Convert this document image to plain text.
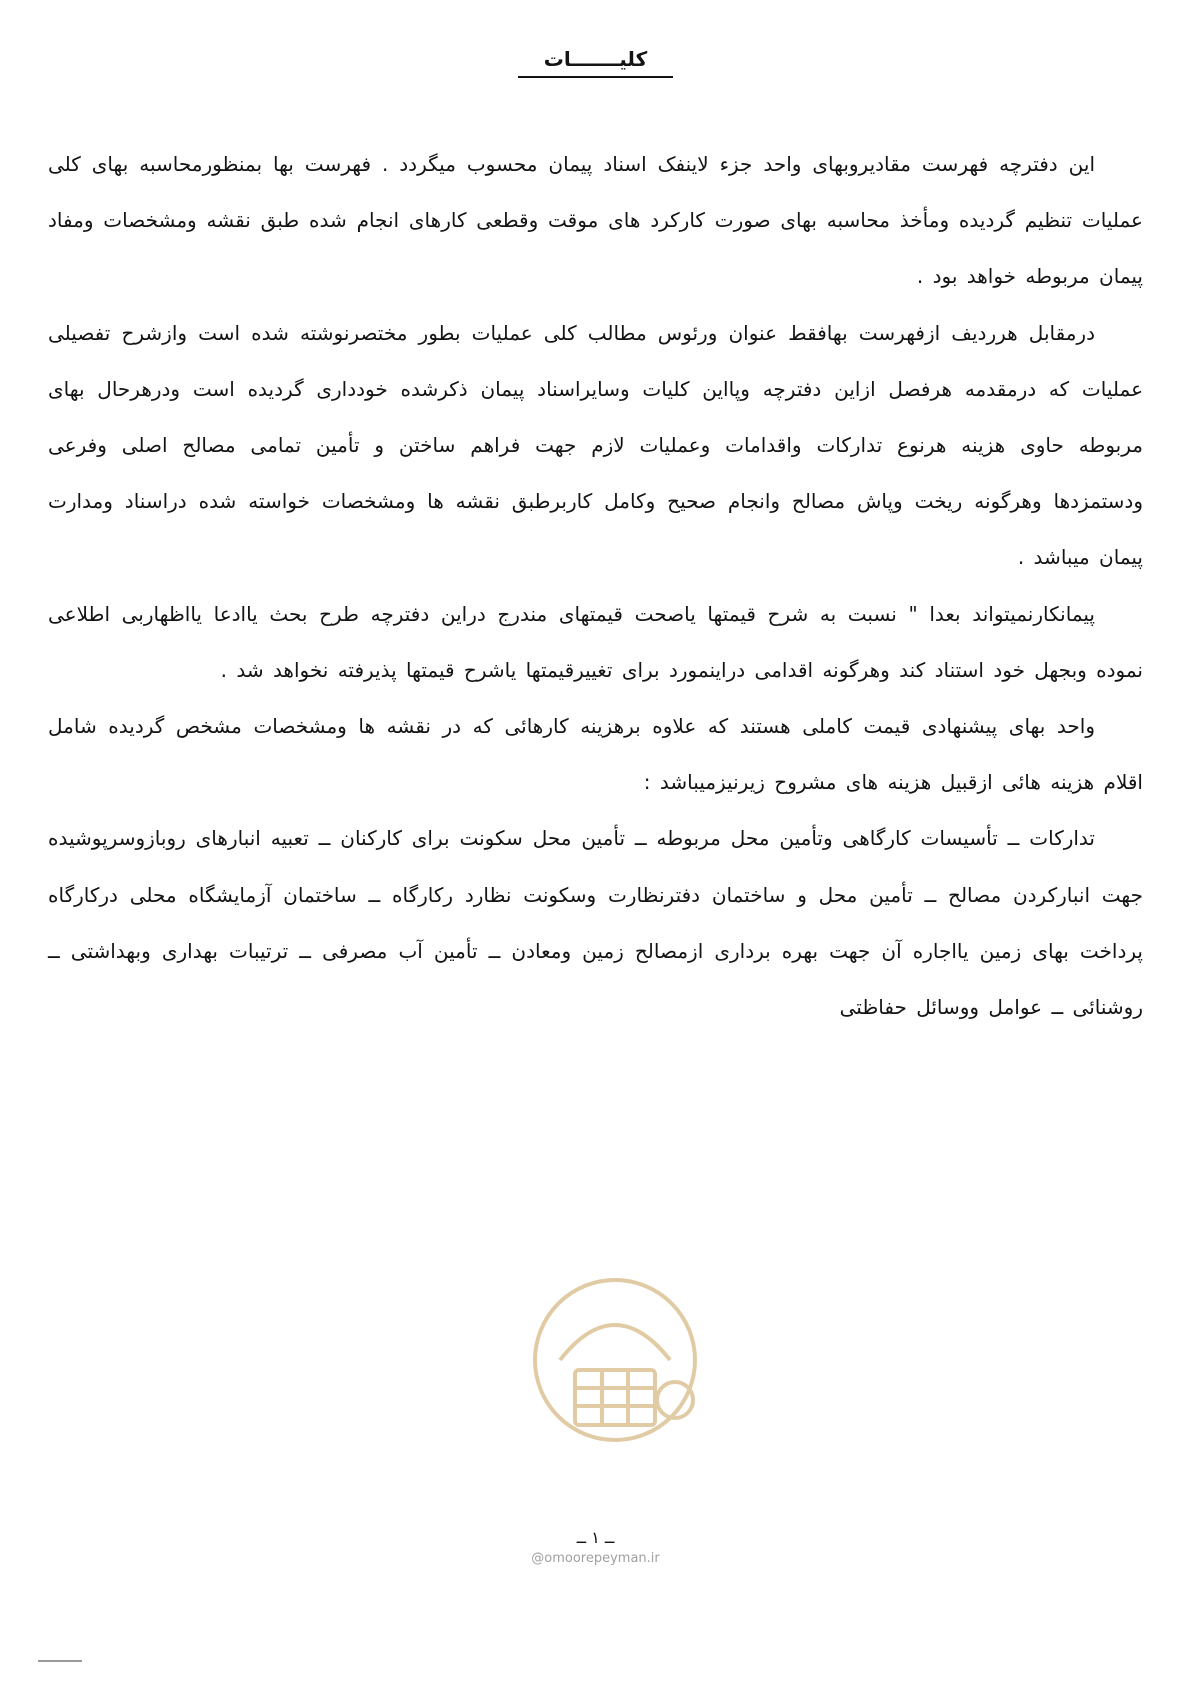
کلیـــــــات

این دفترچه فهرست مقادیروبهای واحد جزء لاینفک اسناد پیمان محسوب میگردد . فهرست بها بمنظورمحاسبه بهای کلی عملیات تنظیم گردیده ومأخذ محاسبه بهای صورت کارکرد های موقت وقطعی کارهای انجام شده طبق نقشه ومشخصات ومفاد پیمان مربوطه خواهد بود .

درمقابل هرردیف ازفهرست بهافقط عنوان ورئوس مطالب کلی عملیات بطور مختصرنوشته شده است وازشرح تفصیلی عملیات که درمقدمه هرفصل ازاین دفترچه وپااین کلیات وسایراسناد پیمان ذکرشده خودداری گردیده است ودرهرحال بهای مربوطه حاوی هزینه هرنوع تدارکات واقدامات وعملیات لازم جهت فراهم ساختن و تأمین تمامی مصالح اصلی وفرعی ودستمزدها وهرگونه ریخت وپاش مصالح وانجام صحیح وکامل کاربرطبق نقشه ها ومشخصات خواسته شده دراسناد ومدارت پیمان میباشد .

پیمانکارنمیتواند بعدا " نسبت به شرح قیمتها یاصحت قیمتهای مندرج دراین دفترچه طرح بحث یاادعا یااظهاربی اطلاعی نموده وبجهل خود استناد کند وهرگونه اقدامی دراینمورد برای تغییرقیمتها یاشرح قیمتها پذیرفته نخواهد شد .

واحد بهای پیشنهادی قیمت کاملی هستند که علاوه برهزینه کارهائی که در نقشه ها ومشخصات مشخص گردیده شامل اقلام هزینه هائی ازقبیل هزینه های مشروح زیرنیزمیباشد :

تدارکات ــ تأسیسات کارگاهی وتأمین محل مربوطه ــ تأمین محل سکونت برای کارکنان ــ تعبیه انبارهای روبازوسرپوشیده جهت انبارکردن مصالح ــ تأمین محل و ساختمان دفترنظارت وسکونت نظارد رکارگاه ــ ساختمان آزمایشگاه محلی درکارگاه پرداخت بهای زمین یااجاره آن جهت بهره برداری ازمصالح زمین ومعادن ــ تأمین آب مصرفی ــ ترتیبات بهداری وبهداشتی ــ روشنائی ــ عوامل ووسائل حفاظتی

ــ ۱ ــ
@omoorepeyman.ir
